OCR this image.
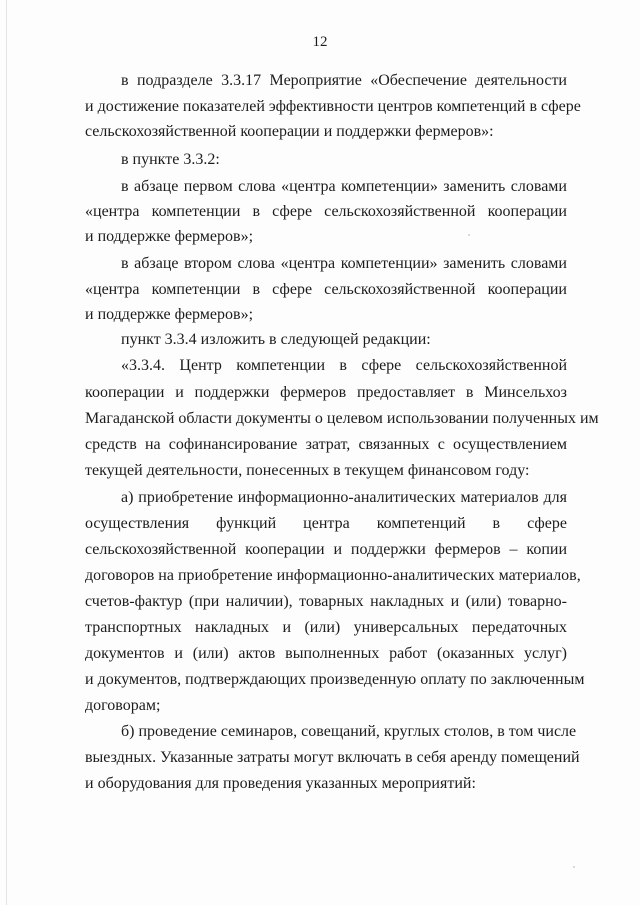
12
в подразделе 3.3.17 Мероприятие «Обеспечение деятельности
и достижение показателей эффективности центров компетенций в сфере
сельскохозяйственной кооперации и поддержки фермеров»:
в пункте 3.3.2:
в абзаце первом слова «центра компетенции» заменить словами
«центра компетенции в сфере сельскохозяйственной кооперации
и поддержке фермеров»;
в абзаце втором слова «центра компетенции» заменить словами
«центра компетенции в сфере сельскохозяйственной кооперации
и поддержке фермеров»;
пункт 3.3.4 изложить в следующей редакции:
«3.3.4. Центр компетенции в сфере сельскохозяйственной
кооперации и поддержки фермеров предоставляет в Минсельхоз
Магаданской области документы о целевом использовании полученных им
средств на софинансирование затрат, связанных с осуществлением
текущей деятельности, понесенных в текущем финансовом году:
а) приобретение информационно-аналитических материалов для
осуществления функций центра компетенций в сфере
сельскохозяйственной кооперации и поддержки фермеров – копии
договоров на приобретение информационно-аналитических материалов,
счетов-фактур (при наличии), товарных накладных и (или) товарно-
транспортных накладных и (или) универсальных передаточных
документов и (или) актов выполненных работ (оказанных услуг)
и документов, подтверждающих произведенную оплату по заключенным
договорам;
б) проведение семинаров, совещаний, круглых столов, в том числе
выездных. Указанные затраты могут включать в себя аренду помещений
и оборудования для проведения указанных мероприятий:
